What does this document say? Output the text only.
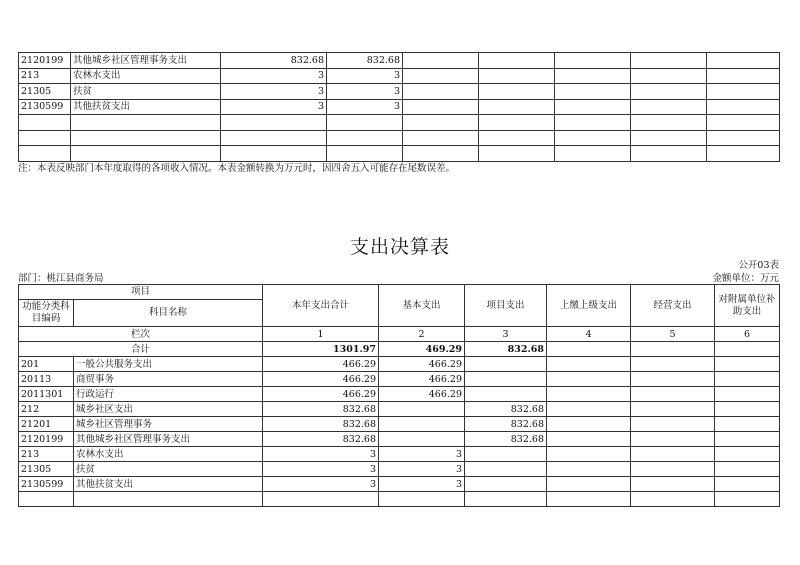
2120199	其他城乡社区管理事务支出	832.68	832.68					
213	农林水支出	3	3					
21305	扶贫	3	3					
2130599	其他扶贫支出	3	3					

注：本表反映部门本年度取得的各项收入情况。本表金额转换为万元时，因四舍五入可能存在尾数误差。
支出决算表
公开03表
部门：桃江县商务局	金额单位：万元
项目		本年支出合计	基本支出	项目支出	上缴上级支出	经营支出	对附属单位补助支出
功能分类科目编码	科目名称						
栏次		1	2	3	4	5	6
合计		1301.97	469.29	832.68			
201	一般公共服务支出	466.29	466.29				
20113	商贸事务	466.29	466.29				
2011301	行政运行	466.29	466.29				
212	城乡社区支出	832.68		832.68			
21201	城乡社区管理事务	832.68		832.68			
2120199	其他城乡社区管理事务支出	832.68		832.68			
213	农林水支出	3	3				
21305	扶贫	3	3				
2130599	其他扶贫支出	3	3				
